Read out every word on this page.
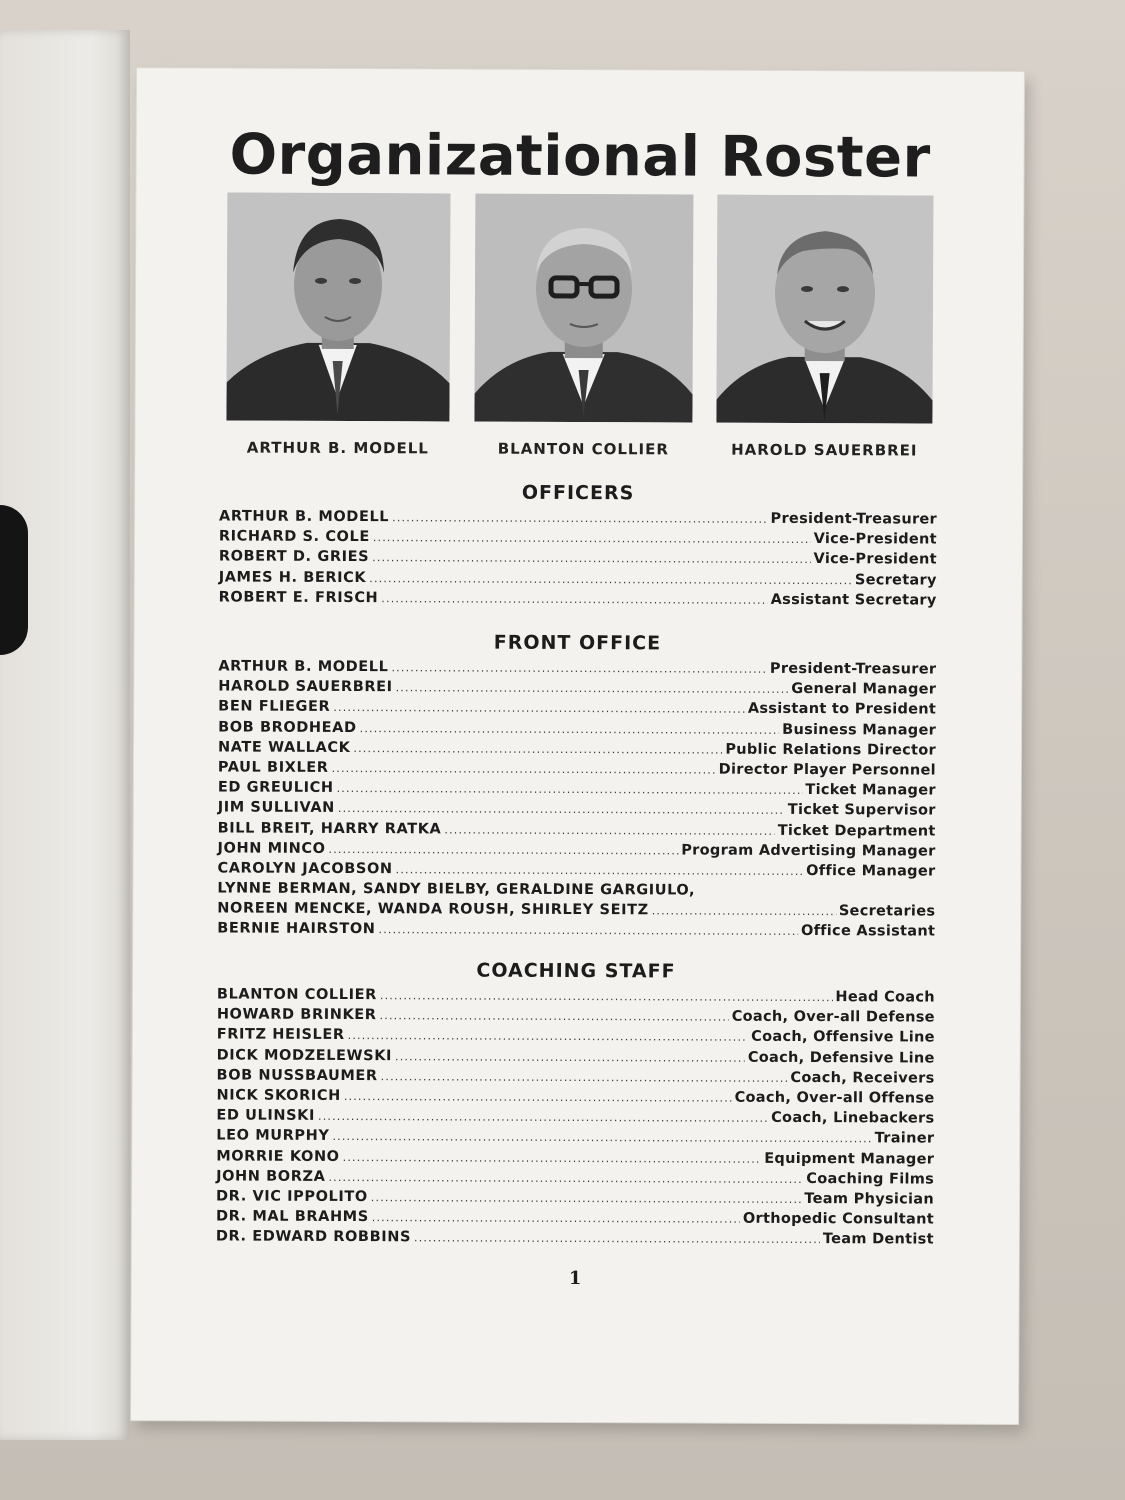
Organizational Roster
ARTHUR B. MODELL	BLANTON COLLIER	HAROLD SAUERBREI
OFFICERS
ARTHUR B. MODELL .....	President-Treasurer
RICHARD S. COLE .....	Vice-President
ROBERT D. GRIES .....	Vice-President
JAMES H. BERICK .....	Secretary
ROBERT E. FRISCH .....	Assistant Secretary
FRONT OFFICE
ARTHUR B. MODELL .....	President-Treasurer
HAROLD SAUERBREI .....	General Manager
BEN FLIEGER .....	Assistant to President
BOB BRODHEAD .....	Business Manager
NATE WALLACK .....	Public Relations Director
PAUL BIXLER .....	Director Player Personnel
ED GREULICH .....	Ticket Manager
JIM SULLIVAN .....	Ticket Supervisor
BILL BREIT, HARRY RATKA .....	Ticket Department
JOHN MINCO .....	Program Advertising Manager
CAROLYN JACOBSON .....	Office Manager
LYNNE BERMAN, SANDY BIELBY, GERALDINE GARGIULO,
NOREEN MENCKE, WANDA ROUSH, SHIRLEY SEITZ .....	Secretaries
BERNIE HAIRSTON .....	Office Assistant
COACHING STAFF
BLANTON COLLIER .....	Head Coach
HOWARD BRINKER .....	Coach, Over-all Defense
FRITZ HEISLER .....	Coach, Offensive Line
DICK MODZELEWSKI .....	Coach, Defensive Line
BOB NUSSBAUMER .....	Coach, Receivers
NICK SKORICH .....	Coach, Over-all Offense
ED ULINSKI .....	Coach, Linebackers
LEO MURPHY .....	Trainer
MORRIE KONO .....	Equipment Manager
JOHN BORZA .....	Coaching Films
DR. VIC IPPOLITO .....	Team Physician
DR. MAL BRAHMS .....	Orthopedic Consultant
DR. EDWARD ROBBINS .....	Team Dentist
1
